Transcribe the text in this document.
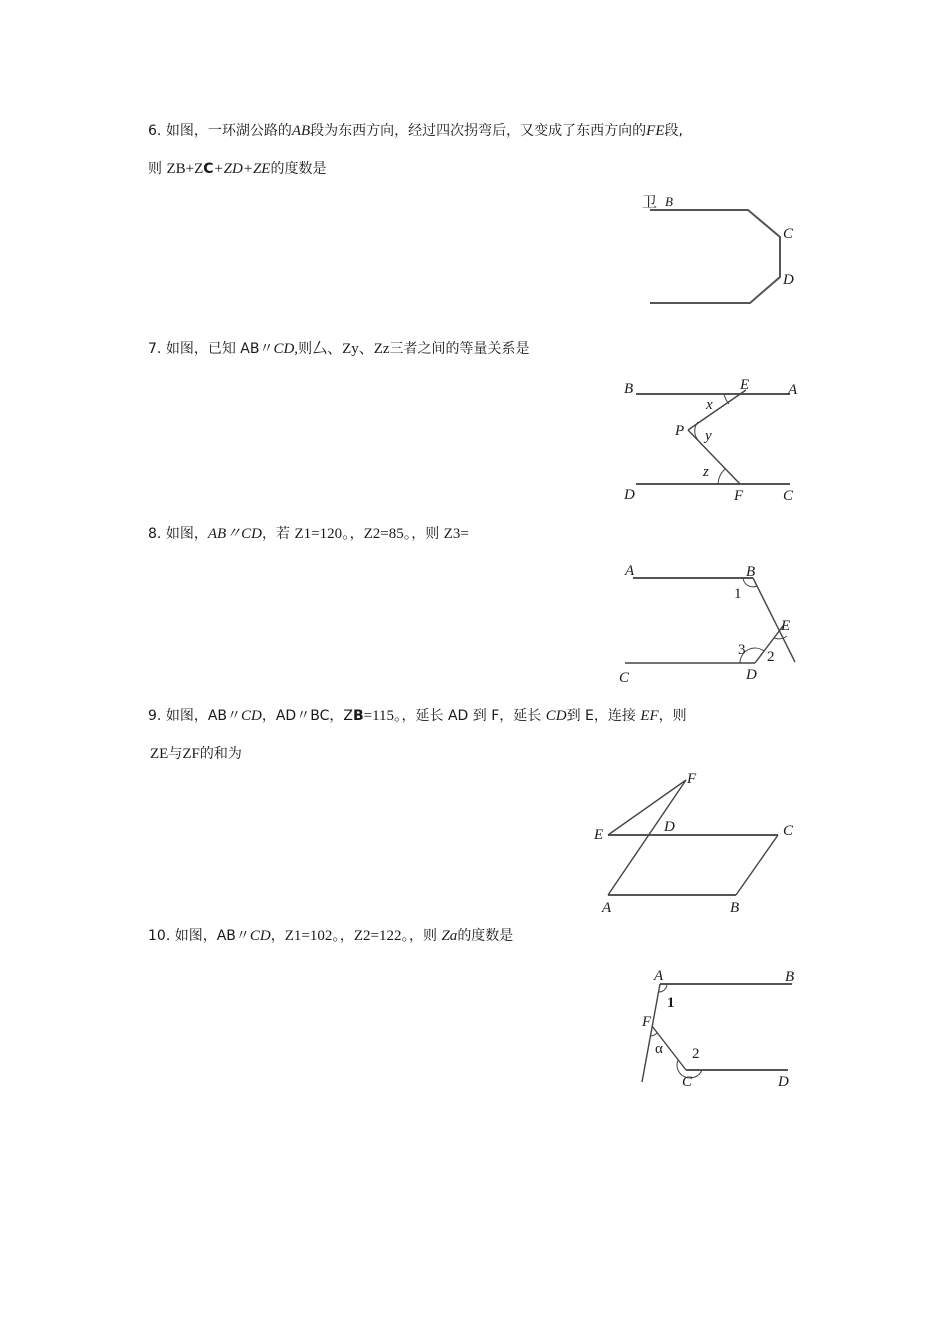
6. 如图，一环湖公路的AB段为东西方向，经过四次拐弯后，又变成了东西方向的FE段,
则 ZB+ZC+ZD+ZE的度数是
卫 B
C
D
7. 如图，已知 AB〃CD,则厶、Zy、Zz三者之间的等量关系是
B	E	A
x
P y
z
D	F	C
8. 如图，AB〃CD，若 Z1=120。，Z2=85。，则 Z3=
A	B
1
E
3 2
C	D
9. 如图，AB〃CD，AD〃BC，ZB=115。，延长 AD 到 F，延长 CD到 E，连接 EF，则
ZE与ZF的和为
F
D	C
E
A	B
10. 如图，AB〃CD，Z1=102。，Z2=122。，则 Za的度数是
A	B
1
F
α 2
C	D
